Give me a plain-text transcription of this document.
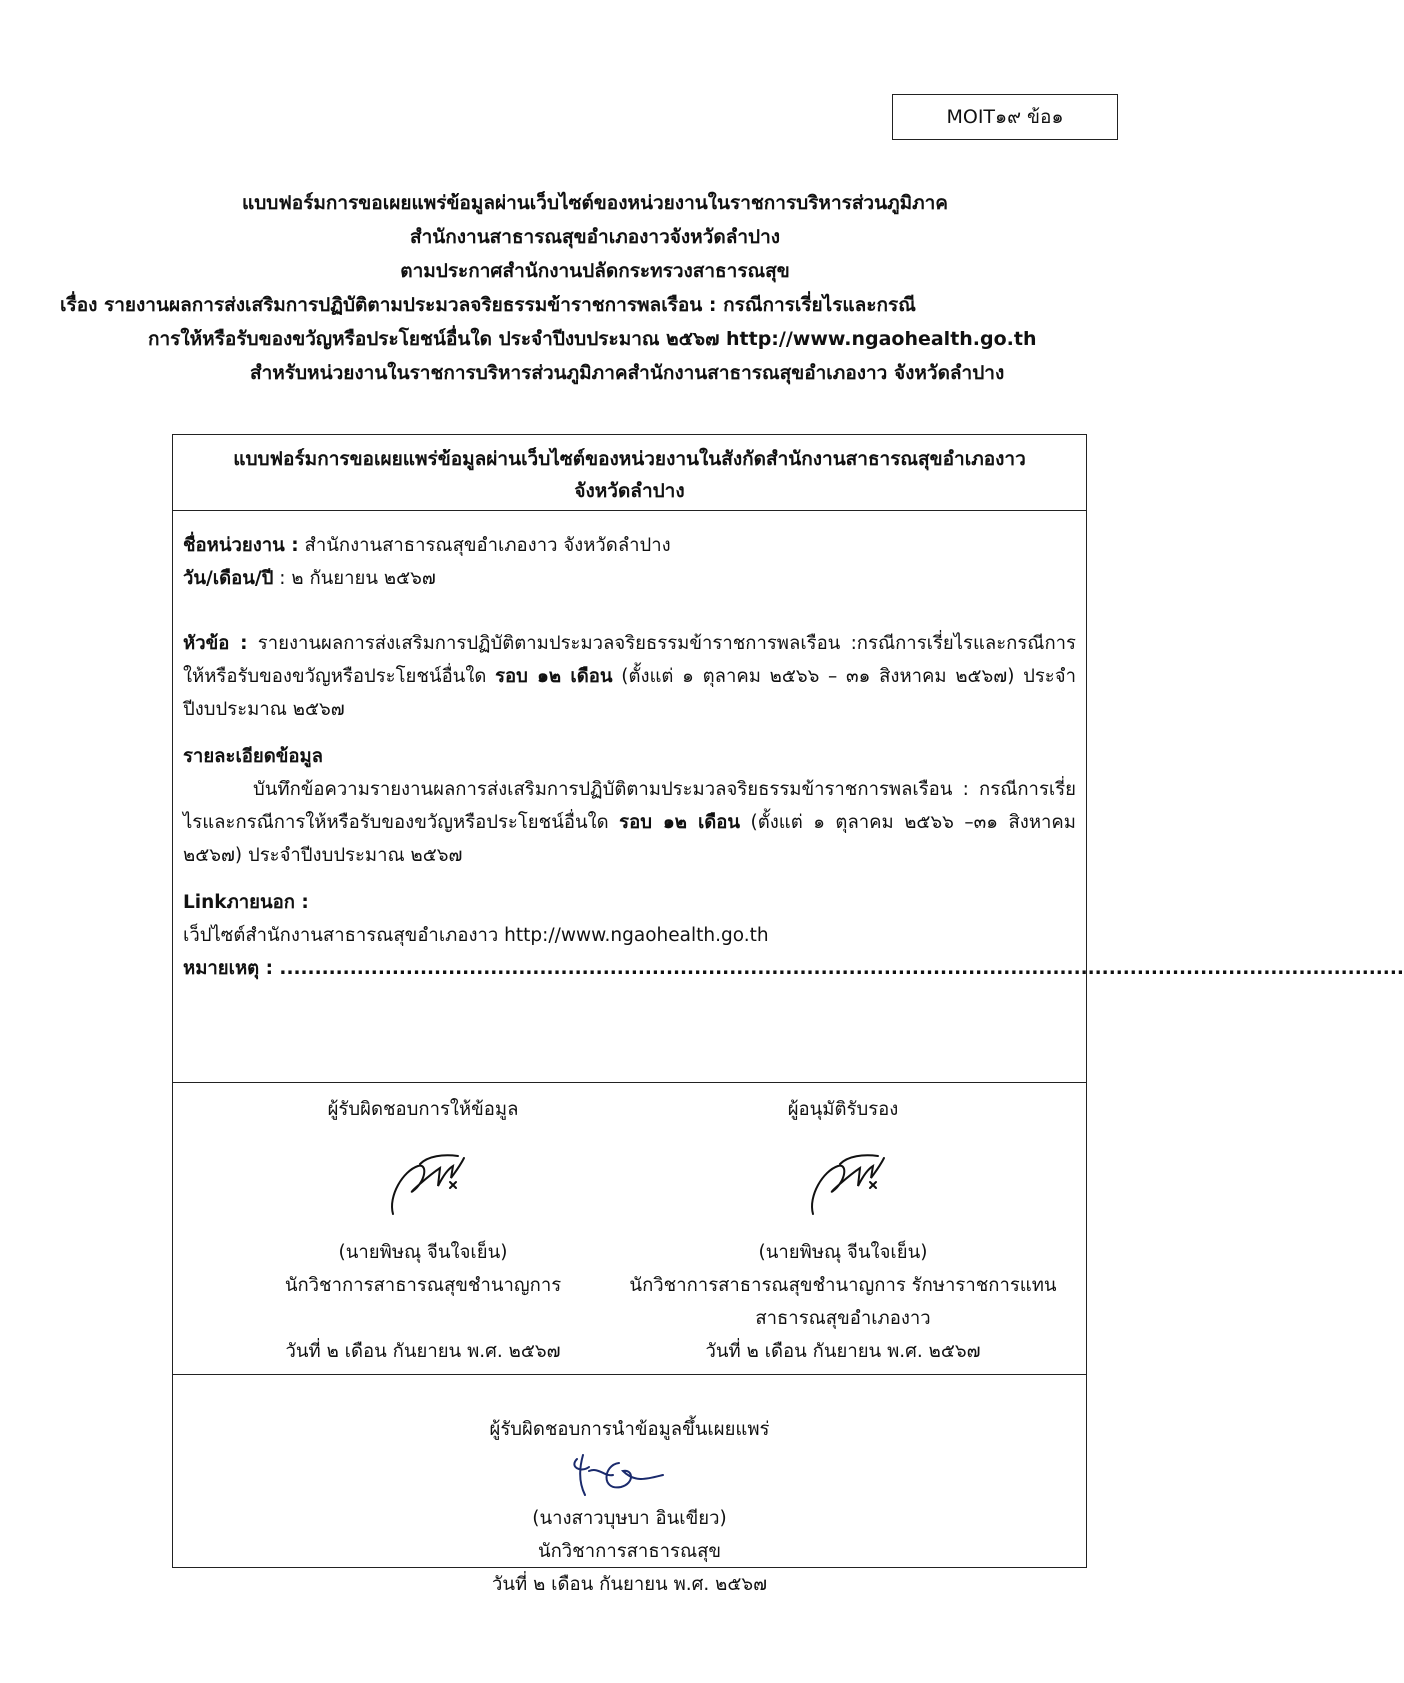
MOIT๑๙ ข้อ๑
แบบฟอร์มการขอเผยแพร่ข้อมูลผ่านเว็บไซต์ของหน่วยงานในราชการบริหารส่วนภูมิภาค
สำนักงานสาธารณสุขอำเภองาวจังหวัดลำปาง
ตามประกาศสำนักงานปลัดกระทรวงสาธารณสุข
เรื่อง รายงานผลการส่งเสริมการปฏิบัติตามประมวลจริยธรรมข้าราชการพลเรือน : กรณีการเรี่ยไรและกรณี
การให้หรือรับของขวัญหรือประโยชน์อื่นใด ประจำปีงบประมาณ ๒๕๖๗ http://www.ngaohealth.go.th
สำหรับหน่วยงานในราชการบริหารส่วนภูมิภาคสำนักงานสาธารณสุขอำเภองาว จังหวัดลำปาง
แบบฟอร์มการขอเผยแพร่ข้อมูลผ่านเว็บไซต์ของหน่วยงานในสังกัดสำนักงานสาธารณสุขอำเภองาว
จังหวัดลำปาง

ชื่อหน่วยงาน : สำนักงานสาธารณสุขอำเภองาว จังหวัดลำปาง

วัน/เดือน/ปี : ๒ กันยายน ๒๕๖๗

หัวข้อ : รายงานผลการส่งเสริมการปฏิบัติตามประมวลจริยธรรมข้าราชการพลเรือน :กรณีการเรี่ยไรและกรณีการให้หรือรับของขวัญหรือประโยชน์อื่นใด รอบ ๑๒ เดือน (ตั้งแต่ ๑ ตุลาคม ๒๕๖๖ – ๓๑ สิงหาคม ๒๕๖๗) ประจำปีงบประมาณ ๒๕๖๗

รายละเอียดข้อมูล

บันทึกข้อความรายงานผลการส่งเสริมการปฏิบัติตามประมวลจริยธรรมข้าราชการพลเรือน : กรณีการเรี่ยไรและกรณีการให้หรือรับของขวัญหรือประโยชน์อื่นใด รอบ ๑๒ เดือน (ตั้งแต่ ๑ ตุลาคม ๒๕๖๖ –๓๑ สิงหาคม ๒๕๖๗) ประจำปีงบประมาณ ๒๕๖๗

Linkภายนอก :

เว็ปไซต์สำนักงานสาธารณสุขอำเภองาว http://www.ngaohealth.go.th

หมายเหตุ : ................................................................................................................................................................

ผู้รับผิดชอบการให้ข้อมูล
(นายพิษณุ จีนใจเย็น)
นักวิชาการสาธารณสุขชำนาญการ
วันที่ ๒ เดือน กันยายน พ.ศ. ๒๕๖๗
ผู้อนุมัติรับรอง
(นายพิษณุ จีนใจเย็น)
นักวิชาการสาธารณสุขชำนาญการ รักษาราชการแทน
สาธารณสุขอำเภองาว
วันที่ ๒ เดือน กันยายน พ.ศ. ๒๕๖๗
ผู้รับผิดชอบการนำข้อมูลขึ้นเผยแพร่
(นางสาวบุษบา อินเขียว)
นักวิชาการสาธารณสุข
วันที่ ๒ เดือน กันยายน พ.ศ. ๒๕๖๗
